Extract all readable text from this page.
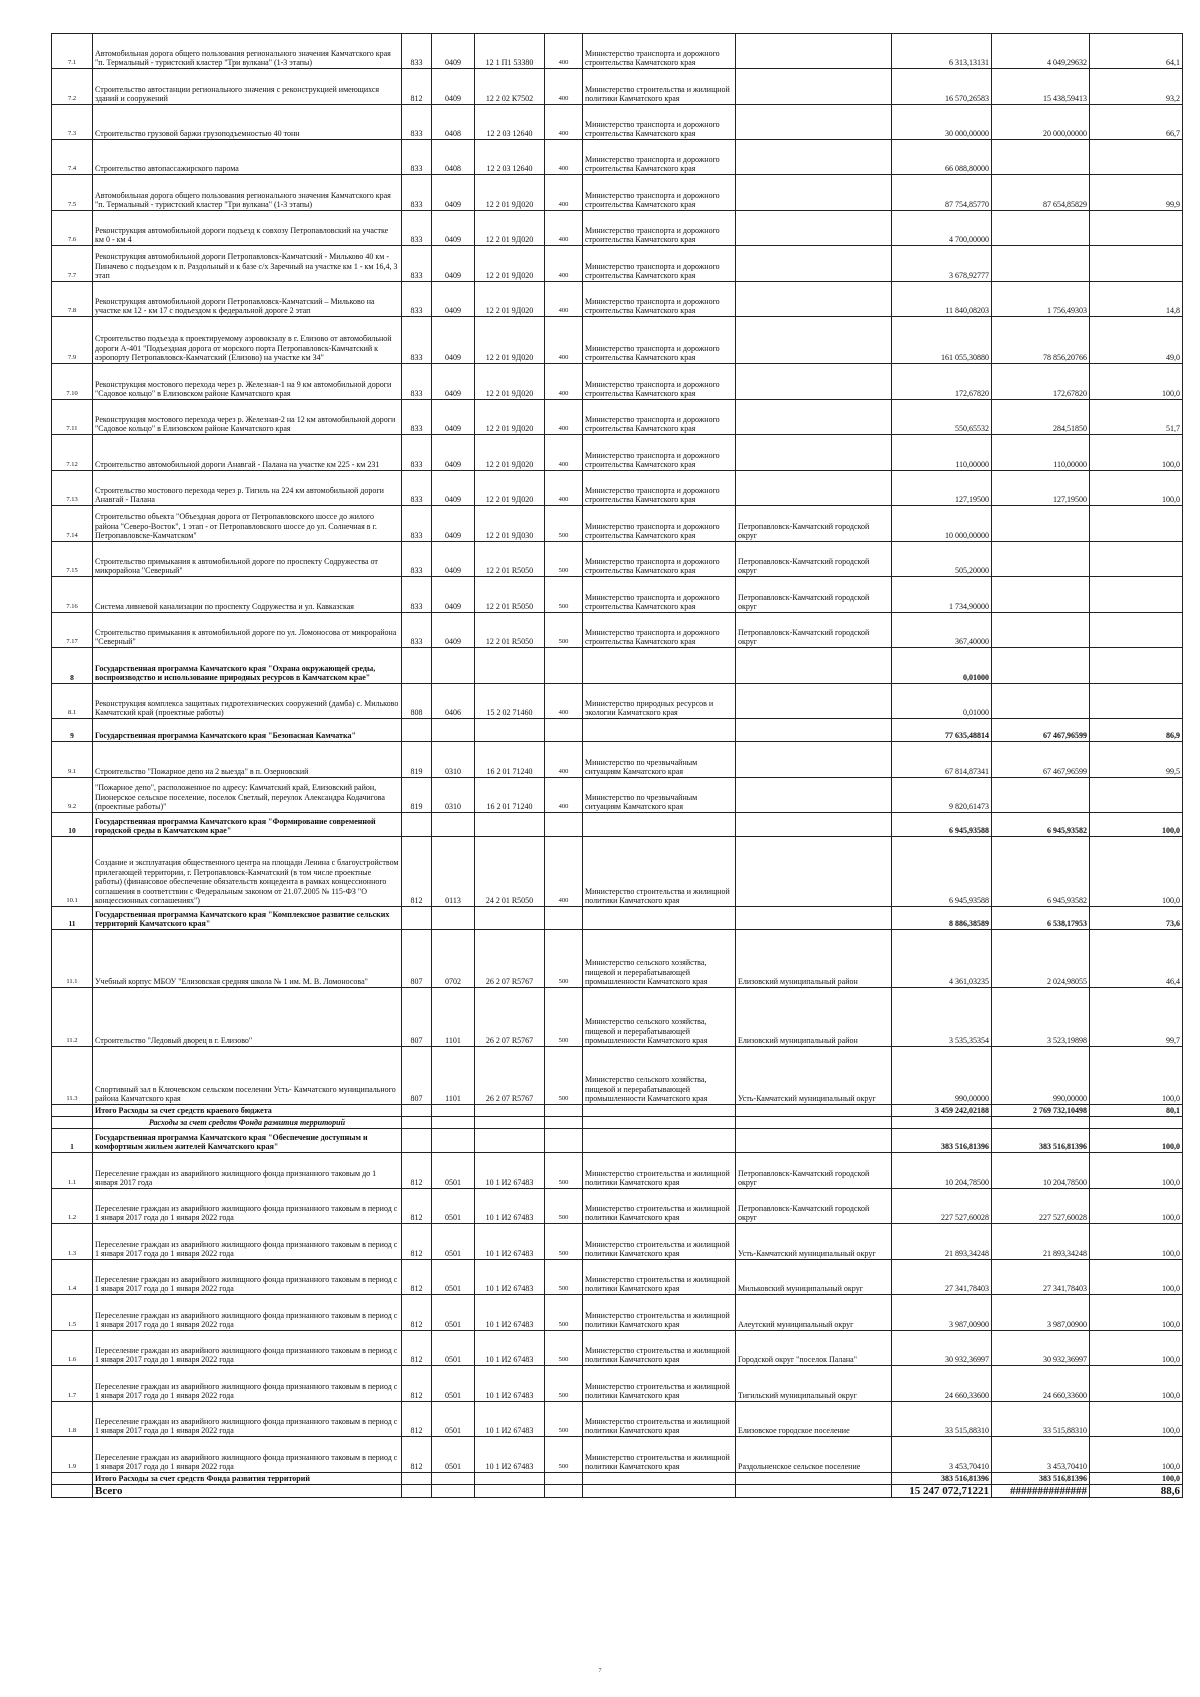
7.1	Автомобильная дорога общего пользования регионального значения Камчатского края "п. Термальный - туристский кластер "Три вулкана" (1-3 этапы)	833	0409	12 1 П1 53380	400	Министерство транспорта и дорожного строительства Камчатского края		6 313,13131	4 049,29632	64,1
7.2	Строительство автостанции регионального значения с реконструкцией имеющихся зданий и сооружений	812	0409	12 2 02 К7502	400	Министерство строительства и жилищной политики Камчатского края		16 570,26583	15 438,59413	93,2
7.3	Строительство грузовой баржи грузоподъемностью 40 тонн	833	0408	12 2 03 12640	400	Министерство транспорта и дорожного строительства Камчатского края		30 000,00000	20 000,00000	66,7
7.4	Строительство автопассажирского парома	833	0408	12 2 03 12640	400	Министерство транспорта и дорожного строительства Камчатского края		66 088,80000		
7.5	Автомобильная дорога общего пользования регионального значения Камчатского края "п. Термальный - туристский кластер "Три вулкана" (1-3 этапы)	833	0409	12 2 01 9Д020	400	Министерство транспорта и дорожного строительства Камчатского края		87 754,85770	87 654,85829	99,9
7.6	Реконструкция автомобильной дороги подъезд к совхозу Петропавловский на участке км 0 - км 4	833	0409	12 2 01 9Д020	400	Министерство транспорта и дорожного строительства Камчатского края		4 700,00000		
7.7	Реконструкция автомобильной дороги Петропавловск-Камчатский - Мильково 40 км - Пиначево с подъездом к п. Раздольный и к базе с/х Заречный на участке км 1 - км 16,4, 3 этап	833	0409	12 2 01 9Д020	400	Министерство транспорта и дорожного строительства Камчатского края		3 678,92777		
7.8	Реконструкция автомобильной дороги Петропавловск-Камчатский – Мильково на участке км 12 - км 17 с подъездом к федеральной дороге 2 этап	833	0409	12 2 01 9Д020	400	Министерство транспорта и дорожного строительства Камчатского края		11 840,08203	1 756,49303	14,8
7.9	Строительство подъезда к проектируемому аэровокзалу в г. Елизово от автомобильной дороги А-401 "Подъездная дорога от морского порта Петропавловск-Камчатский к аэропорту Петропавловск-Камчатский (Елизово) на участке км 34"	833	0409	12 2 01 9Д020	400	Министерство транспорта и дорожного строительства Камчатского края		161 055,30880	78 856,20766	49,0
7.10	Реконструкция мостового перехода через р. Железная-1 на 9 км автомобильной дороги "Садовое кольцо" в Елизовском районе Камчатского края	833	0409	12 2 01 9Д020	400	Министерство транспорта и дорожного строительства Камчатского края		172,67820	172,67820	100,0
7.11	Реконструкция мостового перехода через р. Железная-2 на 12 км автомобильной дороги "Садовое кольцо" в Елизовском районе Камчатского края	833	0409	12 2 01 9Д020	400	Министерство транспорта и дорожного строительства Камчатского края		550,65532	284,51850	51,7
7.12	Строительство автомобильной дороги Анавгай - Палана на участке км 225 - км 231	833	0409	12 2 01 9Д020	400	Министерство транспорта и дорожного строительства Камчатского края		110,00000	110,00000	100,0
7.13	Строительство мостового перехода через р. Тигиль на 224 км автомобильной дороги Анавгай - Палана	833	0409	12 2 01 9Д020	400	Министерство транспорта и дорожного строительства Камчатского края		127,19500	127,19500	100,0
7.14	Строительство объекта "Объездная дорога от Петропавловского шоссе до жилого района "Северо-Восток", 1 этап - от Петропавловского шоссе до ул. Солнечная в г. Петропавловске-Камчатском"	833	0409	12 2 01 9Д030	500	Министерство транспорта и дорожного строительства Камчатского края	Петропавловск-Камчатский городской округ	10 000,00000		
7.15	Строительство примыкания к автомобильной дороге по проспекту Содружества от микрорайона "Северный"	833	0409	12 2 01 R5050	500	Министерство транспорта и дорожного строительства Камчатского края	Петропавловск-Камчатский городской округ	505,20000		
7.16	Система ливневой канализации по проспекту Содружества и ул. Кавказская	833	0409	12 2 01 R5050	500	Министерство транспорта и дорожного строительства Камчатского края	Петропавловск-Камчатский городской округ	1 734,90000		
7.17	Строительство примыкания к автомобильной дороге по ул. Ломоносова от микрорайона "Северный"	833	0409	12 2 01 R5050	500	Министерство транспорта и дорожного строительства Камчатского края	Петропавловск-Камчатский городской округ	367,40000		
8	Государственная программа Камчатского края "Охрана окружающей среды, воспроизводство и использование природных ресурсов в Камчатском крае"							0,01000		
8.1	Реконструкция комплекса защитных гидротехнических сооружений (дамба) с. Мильково Камчатский край (проектные работы)	808	0406	15 2 02 71460	400	Министерство природных ресурсов и экологии Камчатского края		0,01000		
9	Государственная программа Камчатского края "Безопасная Камчатка"							77 635,48814	67 467,96599	86,9
9.1	Строительство "Пожарное депо на 2 выезда" в п. Озерновский	819	0310	16 2 01 71240	400	Министерство по чрезвычайным ситуациям Камчатского края		67 814,87341	67 467,96599	99,5
9.2	"Пожарное депо", расположенное по адресу: Камчатский край, Елизовский район, Пионерское сельское поселение, поселок Светлый, переулок Александра Кодачигова (проектные работы)"	819	0310	16 2 01 71240	400	Министерство по чрезвычайным ситуациям Камчатского края		9 820,61473		
10	Государственная программа Камчатского края "Формирование современной городской среды в Камчатском крае"							6 945,93588	6 945,93582	100,0
10.1	Создание и эксплуатация общественного центра на площади Ленина с благоустройством прилегающей территории, г. Петропавловск-Камчатский (в том числе проектные работы) (финансовое обеспечение обязательств концедента в рамках концессионного соглашения в соответствии с Федеральным законом от 21.07.2005 № 115-ФЗ "О концессионных соглашениях")	812	0113	24 2 01 R5050	400	Министерство строительства и жилищной политики Камчатского края		6 945,93588	6 945,93582	100,0
11	Государственная программа Камчатского края "Комплексное развитие сельских территорий Камчатского края"							8 886,38589	6 538,17953	73,6
11.1	Учебный корпус МБОУ "Елизовская средняя школа № 1 им. М. В. Ломоносова"	807	0702	26 2 07 R5767	500	Министерство сельского хозяйства, пищевой и перерабатывающей промышленности Камчатского края	Елизовский муниципальный район	4 361,03235	2 024,98055	46,4
11.2	Строительство "Ледовый дворец в г. Елизово"	807	1101	26 2 07 R5767	500	Министерство сельского хозяйства, пищевой и перерабатывающей промышленности Камчатского края	Елизовский муниципальный район	3 535,35354	3 523,19898	99,7
11.3	Спортивный зал в Ключевском сельском поселении Усть- Камчатского муниципального района Камчатского края	807	1101	26 2 07 R5767	500	Министерство сельского хозяйства, пищевой и перерабатывающей промышленности Камчатского края	Усть-Камчатский муниципальный округ	990,00000	990,00000	100,0
	Итого Расходы за счет средств краевого бюджета							3 459 242,02188	2 769 732,10498	80,1
	Расходы за счет средств Фонда развития территорий									
1	Государственная программа Камчатского края "Обеспечение доступным и комфортным жильем жителей Камчатского края"							383 516,81396	383 516,81396	100,0
1.1	Переселение граждан из аварийного жилищного фонда признанного таковым до 1 января 2017 года	812	0501	10 1 И2 67483	500	Министерство строительства и жилищной политики Камчатского края	Петропавловск-Камчатский городской округ	10 204,78500	10 204,78500	100,0
1.2	Переселение граждан из аварийного жилищного фонда признанного таковым в период с 1 января 2017 года до 1 января 2022 года	812	0501	10 1 И2 67483	500	Министерство строительства и жилищной политики Камчатского края	Петропавловск-Камчатский городской округ	227 527,60028	227 527,60028	100,0
1.3	Переселение граждан из аварийного жилищного фонда признанного таковым в период с 1 января 2017 года до 1 января 2022 года	812	0501	10 1 И2 67483	500	Министерство строительства и жилищной политики Камчатского края	Усть-Камчатский муниципальный округ	21 893,34248	21 893,34248	100,0
1.4	Переселение граждан из аварийного жилищного фонда признанного таковым в период с 1 января 2017 года до 1 января 2022 года	812	0501	10 1 И2 67483	500	Министерство строительства и жилищной политики Камчатского края	Мильковский муниципальный округ	27 341,78403	27 341,78403	100,0
1.5	Переселение граждан из аварийного жилищного фонда признанного таковым в период с 1 января 2017 года до 1 января 2022 года	812	0501	10 1 И2 67483	500	Министерство строительства и жилищной политики Камчатского края	Алеутский муниципальный округ	3 987,00900	3 987,00900	100,0
1.6	Переселение граждан из аварийного жилищного фонда признанного таковым в период с 1 января 2017 года до 1 января 2022 года	812	0501	10 1 И2 67483	500	Министерство строительства и жилищной политики Камчатского края	Городской округ "поселок Палана"	30 932,36997	30 932,36997	100,0
1.7	Переселение граждан из аварийного жилищного фонда признанного таковым в период с 1 января 2017 года до 1 января 2022 года	812	0501	10 1 И2 67483	500	Министерство строительства и жилищной политики Камчатского края	Тигильский муниципальный округ	24 660,33600	24 660,33600	100,0
1.8	Переселение граждан из аварийного жилищного фонда признанного таковым в период с 1 января 2017 года до 1 января 2022 года	812	0501	10 1 И2 67483	500	Министерство строительства и жилищной политики Камчатского края	Елизовское городское поселение	33 515,88310	33 515,88310	100,0
1.9	Переселение граждан из аварийного жилищного фонда признанного таковым в период с 1 января 2017 года до 1 января 2022 года	812	0501	10 1 И2 67483	500	Министерство строительства и жилищной политики Камчатского края	Раздольненское сельское поселение	3 453,70410	3 453,70410	100,0
	Итого Расходы за счет средств Фонда развития территорий							383 516,81396	383 516,81396	100,0
	Всего							15 247 072,71221	##############	88,6
7
